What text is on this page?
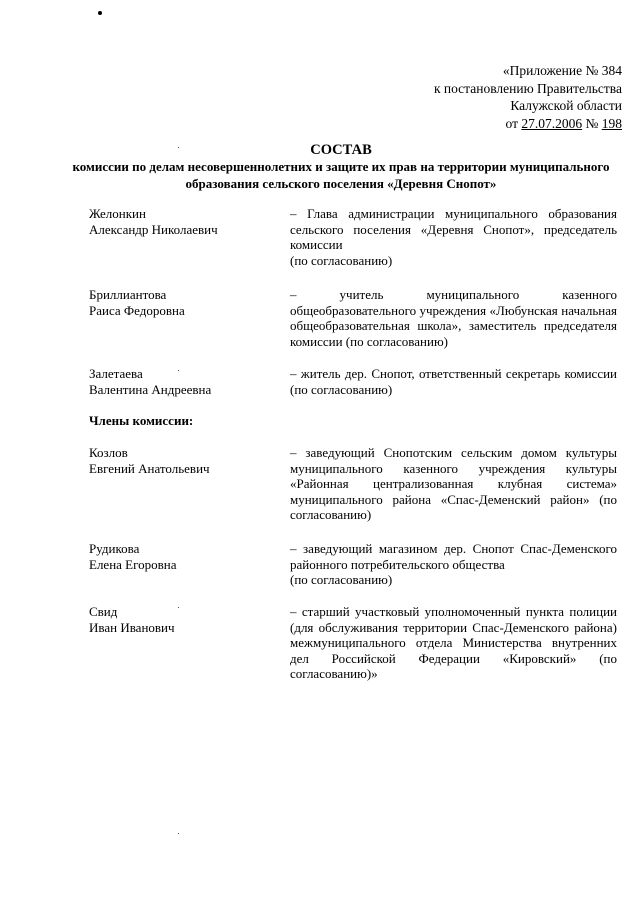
«Приложение № 384
к постановлению Правительства
Калужской области
от 27.07.2006 № 198
СОСТАВ
комиссии по делам несовершеннолетних и защите их прав на территории муниципального образования сельского поселения «Деревня Снопот»
Желонкин
Александр Николаевич
– Глава администрации муниципального образования сельского поселения «Деревня Снопот», председатель комиссии
(по согласованию)
Бриллиантова
Раиса Федоровна
– учитель муниципального казенного общеобразовательного учреждения «Любунская начальная общеобразовательная школа», заместитель председателя комиссии (по согласованию)
Залетаева
Валентина Андреевна
– житель дер. Снопот, ответственный секретарь комиссии (по согласованию)
Члены комиссии:
Козлов
Евгений Анатольевич
– заведующий Снопотским сельским домом культуры муниципального казенного учреждения культуры «Районная централизованная клубная система» муниципального района «Спас-Деменский район» (по согласованию)
Рудикова
Елена Егоровна
– заведующий магазином дер. Снопот Спас-Деменского районного потребительского общества
(по согласованию)
Свид
Иван Иванович
– старший участковый уполномоченный пункта полиции (для обслуживания территории Спас-Деменского района) межмуниципального отдела Министерства внутренних дел Российской Федерации «Кировский» (по согласованию)»
